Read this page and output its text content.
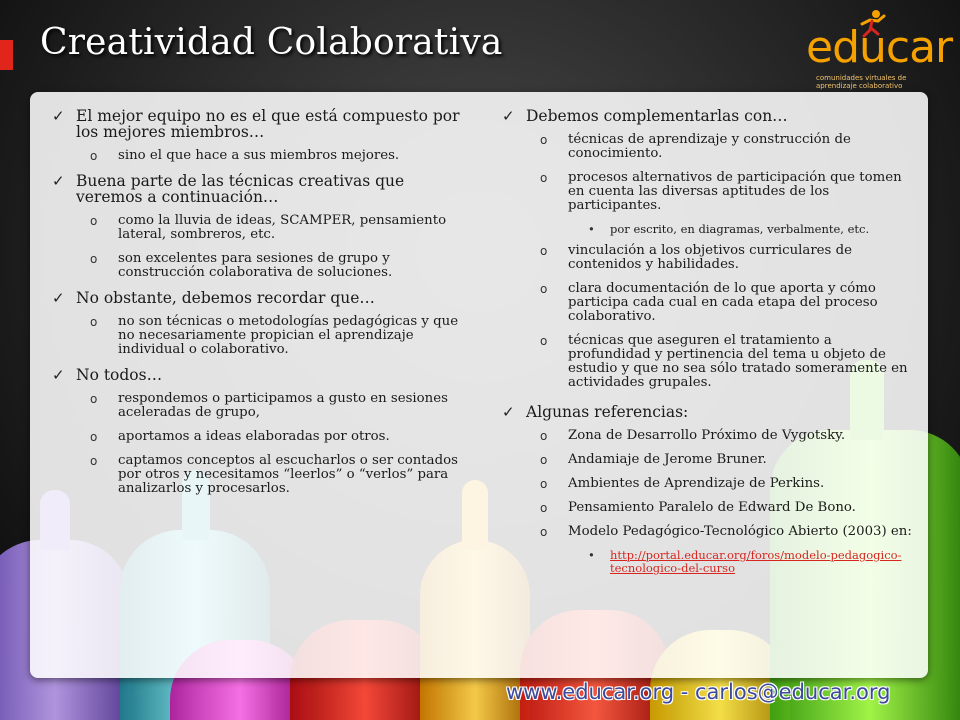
Creatividad Colaborativa	educar
comunidades virtuales de aprendizaje colaborativo
✓ El mejor equipo no es el que está compuesto por los mejores miembros…
o sino el que hace a sus miembros mejores.
✓ Buena parte de las técnicas creativas que veremos a continuación…
o como la lluvia de ideas, SCAMPER, pensamiento lateral, sombreros, etc.
o son excelentes para sesiones de grupo y construcción colaborativa de soluciones.
✓ No obstante, debemos recordar que…
o no son técnicas o metodologías pedagógicas y que no necesariamente propician el aprendizaje individual o colaborativo.
✓ No todos…
o respondemos o participamos a gusto en sesiones aceleradas de grupo,
o aportamos a ideas elaboradas por otros.
o captamos conceptos al escucharlos o ser contados por otros y necesitamos “leerlos” o “verlos” para analizarlos y procesarlos.
✓ Debemos complementarlas con…
o técnicas de aprendizaje y construcción de conocimiento.
o procesos alternativos de participación que tomen en cuenta las diversas aptitudes de los participantes.
• por escrito, en diagramas, verbalmente, etc.
o vinculación a los objetivos curriculares de contenidos y habilidades.
o clara documentación de lo que aporta y cómo participa cada cual en cada etapa del proceso colaborativo.
o técnicas que aseguren el tratamiento a profundidad y pertinencia del tema u objeto de estudio y que no sea sólo tratado someramente en actividades grupales.
✓ Algunas referencias:
o Zona de Desarrollo Próximo de Vygotsky.
o Andamiaje de Jerome Bruner.
o Ambientes de Aprendizaje de Perkins.
o Pensamiento Paralelo de Edward De Bono.
o Modelo Pedagógico-Tecnológico Abierto (2003) en:
• http://portal.educar.org/foros/modelo-pedagogico-tecnologico-del-curso

www.educar.org - carlos@educar.org
